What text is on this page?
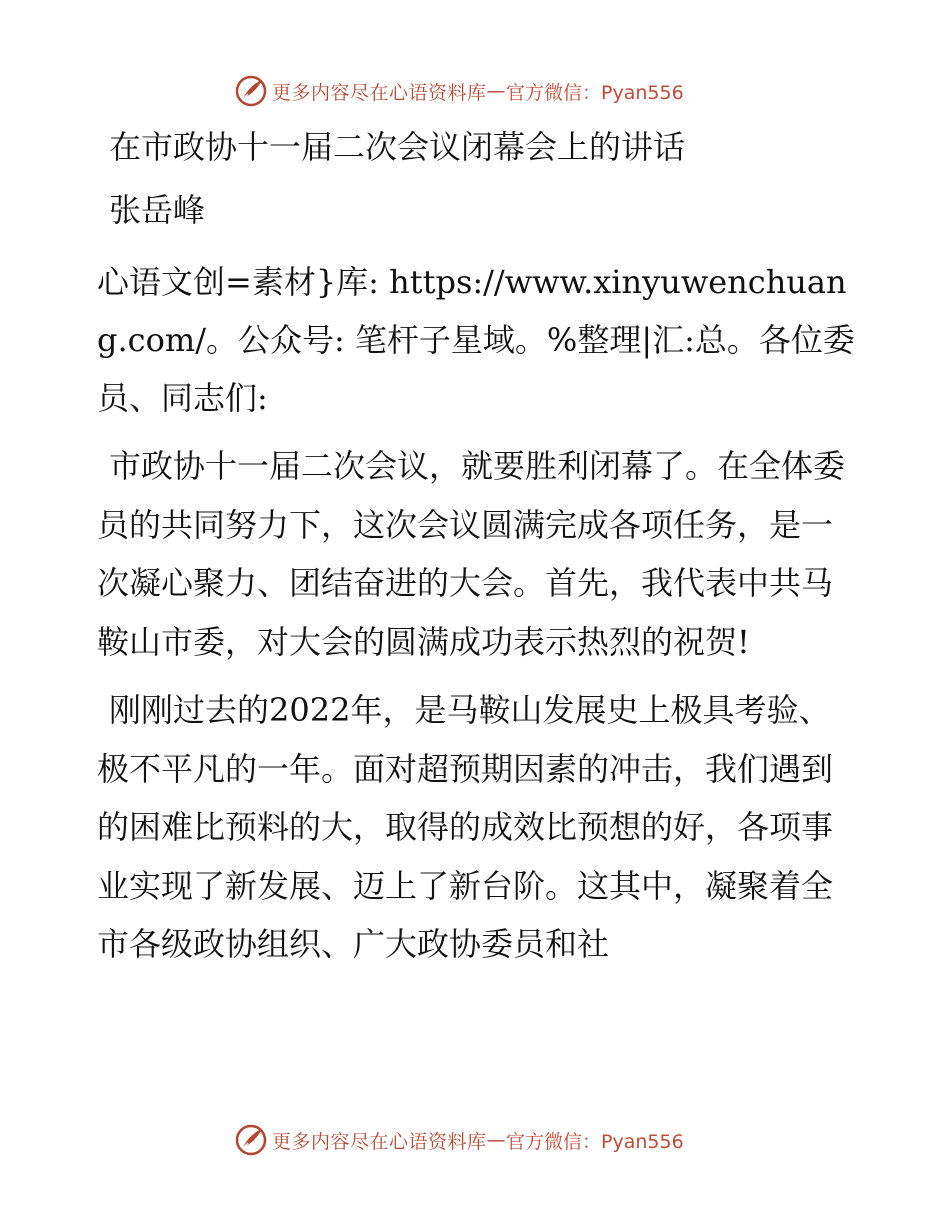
更多内容尽在心语资料库 — 官方微信：Pyan556

在市政协十一届二次会议闭幕会上的讲话

张岳峰

心语文创=素材}库: https://www.xinyuwenchuang.com/。公众号: 笔杆子星域。%整理|汇:总。各位委员、同志们:

市政协十一届二次会议，就要胜利闭幕了。在全体委员的共同努力下，这次会议圆满完成各项任务，是一次凝心聚力、团结奋进的大会。首先，我代表中共马鞍山市委，对大会的圆满成功表示热烈的祝贺!

刚刚过去的2022年，是马鞍山发展史上极具考验、极不平凡的一年。面对超预期因素的冲击，我们遇到的困难比预料的大，取得的成效比预想的好，各项事业实现了新发展、迈上了新台阶。这其中，凝聚着全市各级政协组织、广大政协委员和社

更多内容尽在心语资料库 — 官方微信：Pyan556
